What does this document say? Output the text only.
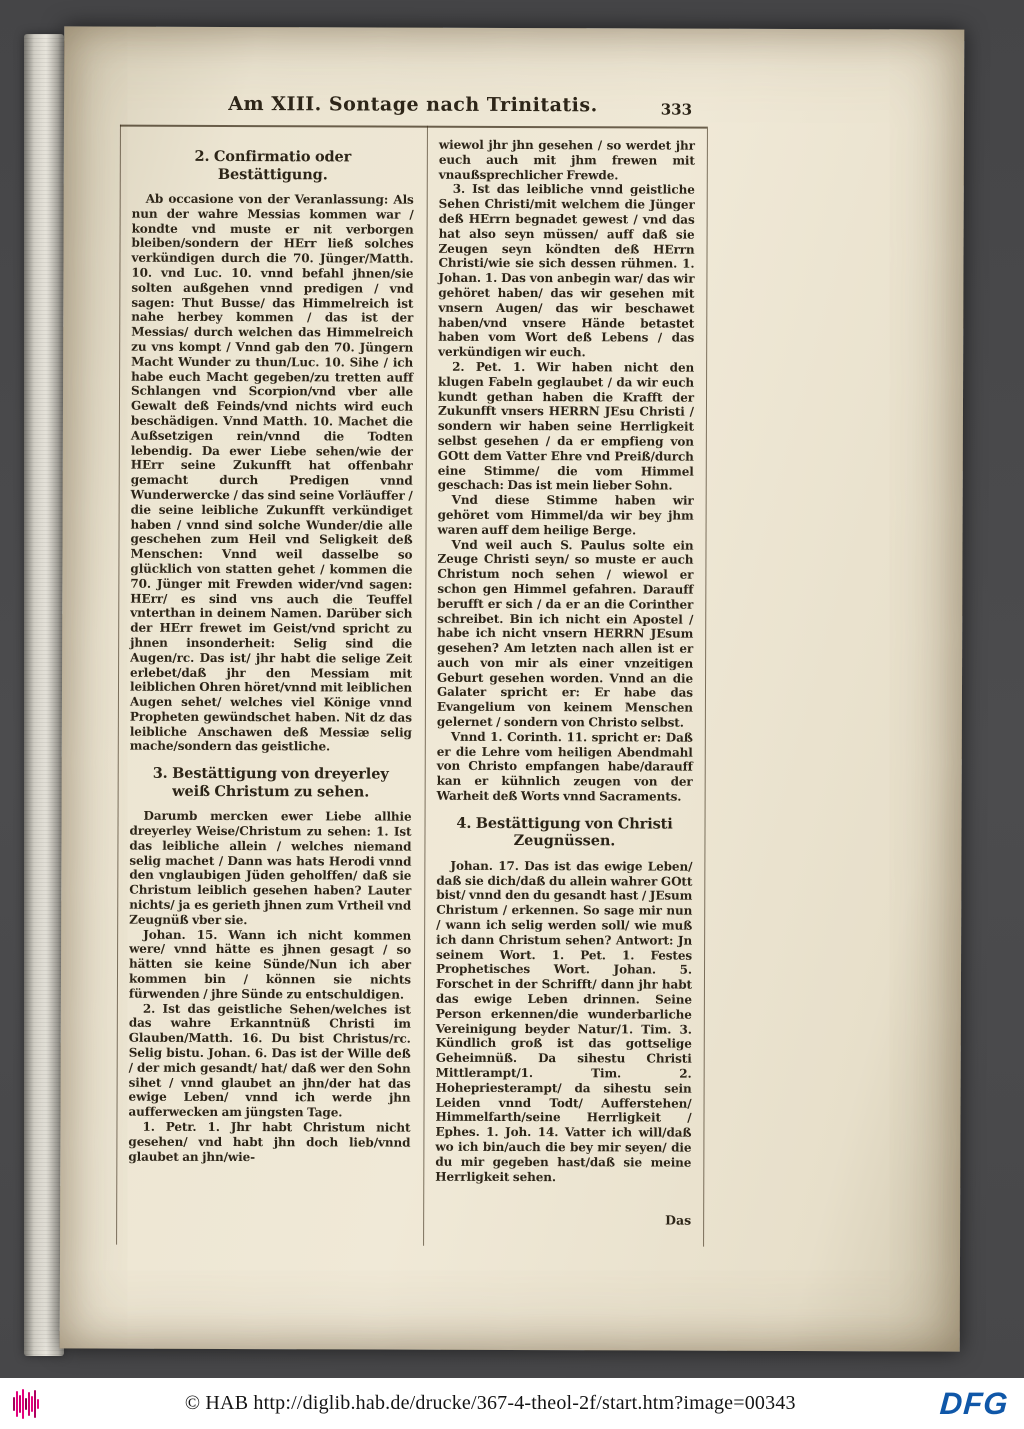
Am XIII. Sontage nach Trinitatis.	333
2. Confirmatio oder Bestättigung.

Ab occasione von der Veranlassung: Als nun der wahre Messias kommen war / kondte vnd muste er nit verborgen bleiben/sondern der HErr ließ solches verkündigen durch die 70. Jünger/Matth. 10. vnd Luc. 10. vnnd befahl jhnen/sie solten außgehen vnnd predigen / vnd sagen: Thut Busse/ das Himmelreich ist nahe herbey kommen / das ist der Messias/ durch welchen das Himmelreich zu vns kompt / Vnnd gab den 70. Jüngern Macht Wunder zu thun/Luc. 10. Sihe / ich habe euch Macht gegeben/zu tretten auff Schlangen vnd Scorpion/vnd vber alle Gewalt deß Feinds/vnd nichts wird euch beschädigen. Vnnd Matth. 10. Machet die Außsetzigen rein/vnnd die Todten lebendig. Da ewer Liebe sehen/wie der HErr seine Zukunfft hat offenbahr gemacht durch Predigen vnnd Wunderwercke / das sind seine Vorläuffer / die seine leibliche Zukunfft verkündiget haben / vnnd sind solche Wunder/die alle geschehen zum Heil vnd Seligkeit deß Menschen: Vnnd weil dasselbe so glücklich von statten gehet / kommen die 70. Jünger mit Frewden wider/vnd sagen: HErr/ es sind vns auch die Teuffel vnterthan in deinem Namen. Darüber sich der HErr frewet im Geist/vnd spricht zu jhnen insonderheit: Selig sind die Augen/rc. Das ist/ jhr habt die selige Zeit erlebet/daß jhr den Messiam mit leiblichen Ohren höret/vnnd mit leiblichen Augen sehet/ welches viel Könige vnnd Propheten gewündschet haben. Nit dz das leibliche Anschawen deß Messiæ selig mache/sondern das geistliche.

3. Bestättigung von dreyerley weiß Christum zu sehen.

Darumb mercken ewer Liebe allhie dreyerley Weise/Christum zu sehen: 1. Ist das leibliche allein / welches niemand selig machet / Dann was hats Herodi vnnd den vnglaubigen Jüden geholffen/ daß sie Christum leiblich gesehen haben? Lauter nichts/ ja es gerieth jhnen zum Vrtheil vnd Zeugnüß vber sie.

Johan. 15. Wann ich nicht kommen were/ vnnd hätte es jhnen gesagt / so hätten sie keine Sünde/Nun ich aber kommen bin / können sie nichts fürwenden / jhre Sünde zu entschuldigen.

2. Ist das geistliche Sehen/welches ist das wahre Erkanntnüß Christi im Glauben/Matth. 16. Du bist Christus/rc. Selig bistu. Johan. 6. Das ist der Wille deß / der mich gesandt/ hat/ daß wer den Sohn sihet / vnnd glaubet an jhn/der hat das ewige Leben/ vnnd ich werde jhn aufferwecken am jüngsten Tage.

1. Petr. 1. Jhr habt Christum nicht gesehen/ vnd habt jhn doch lieb/vnnd glaubet an jhn/wie-

wiewol jhr jhn gesehen / so werdet jhr euch auch mit jhm frewen mit vnaußsprechlicher Frewde.

3. Ist das leibliche vnnd geistliche Sehen Christi/mit welchem die Jünger deß HErrn begnadet gewest / vnd das hat also seyn müssen/ auff daß sie Zeugen seyn köndten deß HErrn Christi/wie sie sich dessen rühmen. 1. Johan. 1. Das von anbegin war/ das wir gehöret haben/ das wir gesehen mit vnsern Augen/ das wir beschawet haben/vnd vnsere Hände betastet haben vom Wort deß Lebens / das verkündigen wir euch.

2. Pet. 1. Wir haben nicht den klugen Fabeln geglaubet / da wir euch kundt gethan haben die Krafft der Zukunfft vnsers HERRN JEsu Christi / sondern wir haben seine Herrligkeit selbst gesehen / da er empfieng von GOtt dem Vatter Ehre vnd Preiß/durch eine Stimme/ die vom Himmel geschach: Das ist mein lieber Sohn.

Vnd diese Stimme haben wir gehöret vom Himmel/da wir bey jhm waren auff dem heilige Berge.

Vnd weil auch S. Paulus solte ein Zeuge Christi seyn/ so muste er auch Christum noch sehen / wiewol er schon gen Himmel gefahren. Darauff berufft er sich / da er an die Corinther schreibet. Bin ich nicht ein Apostel / habe ich nicht vnsern HERRN JEsum gesehen? Am letzten nach allen ist er auch von mir als einer vnzeitigen Geburt gesehen worden. Vnnd an die Galater spricht er: Er habe das Evangelium von keinem Menschen gelernet / sondern von Christo selbst.

Vnnd 1. Corinth. 11. spricht er: Daß er die Lehre vom heiligen Abendmahl von Christo empfangen habe/darauff kan er kühnlich zeugen von der Warheit deß Worts vnnd Sacraments.

4. Bestättigung von Christi Zeugnüssen.

Johan. 17. Das ist das ewige Leben/ daß sie dich/daß du allein wahrer GOtt bist/ vnnd den du gesandt hast / JEsum Christum / erkennen. So sage mir nun / wann ich selig werden soll/ wie muß ich dann Christum sehen? Antwort: Jn seinem Wort. 1. Pet. 1. Festes Prophetisches Wort. Johan. 5. Forschet in der Schrifft/ dann jhr habt das ewige Leben drinnen. Seine Person erkennen/die wunderbarliche Vereinigung beyder Natur/1. Tim. 3. Kündlich groß ist das gottselige Geheimnüß. Da sihestu Christi Mittlerampt/1. Tim. 2. Hohepriesterampt/ da sihestu sein Leiden vnnd Todt/ Aufferstehen/ Himmelfarth/seine Herrligkeit / Ephes. 1. Joh. 14. Vatter ich will/daß wo ich bin/auch die bey mir seyen/ die du mir gegeben hast/daß sie meine Herrligkeit sehen.

Das
© HAB http://diglib.hab.de/drucke/367-4-theol-2f/start.htm?image=00343	DFG
